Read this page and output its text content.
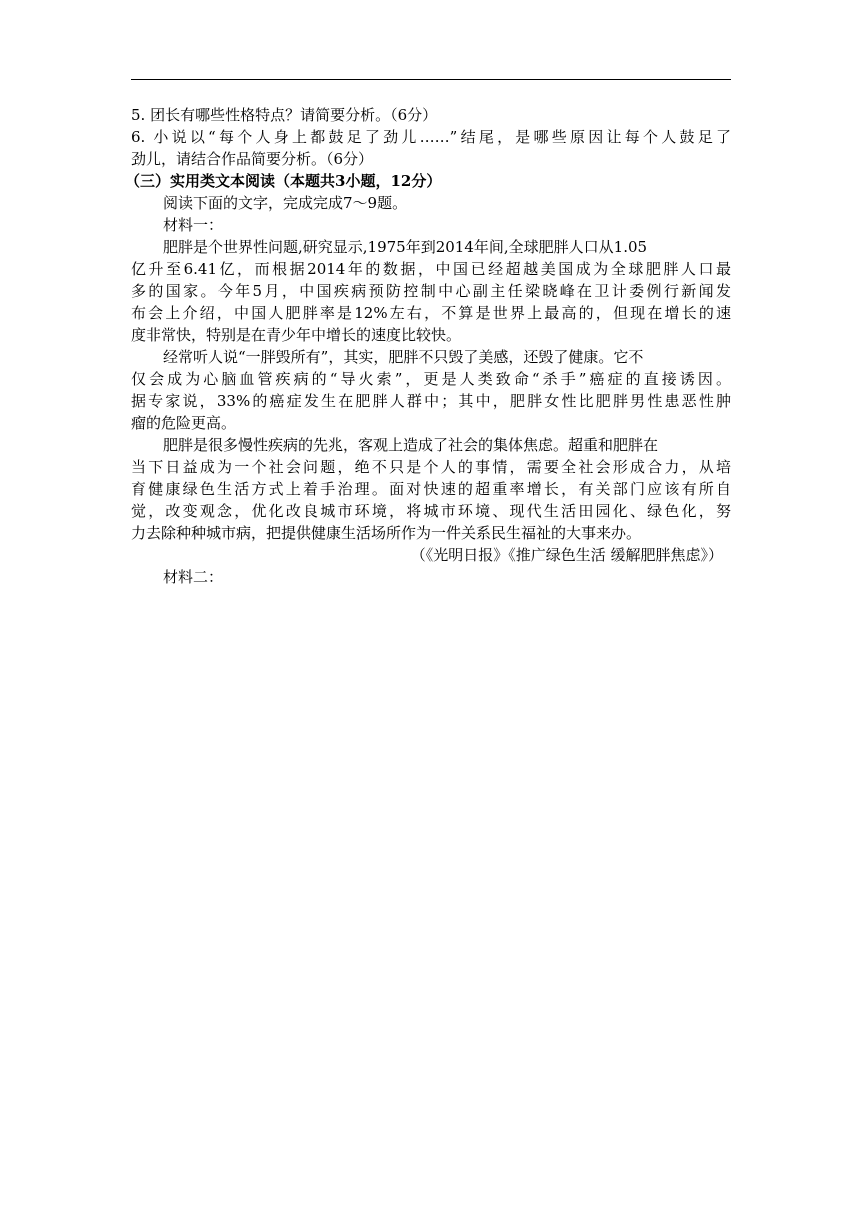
5. 团长有哪些性格特点？请简要分析。（6分）
6. 小说以“每个人身上都鼓足了劲儿……”结尾，是哪些原因让每个人鼓足了
劲儿，请结合作品简要分析。（6分）
（三）实用类文本阅读（本题共3小题，12分）
阅读下面的文字，完成完成7～9题。
材料一：
肥胖是个世界性问题,研究显示,1975年到2014年间,全球肥胖人口从1.05
亿升至6.41亿，而根据2014年的数据，中国已经超越美国成为全球肥胖人口最
多的国家。今年5月，中国疾病预防控制中心副主任梁晓峰在卫计委例行新闻发
布会上介绍，中国人肥胖率是12%左右，不算是世界上最高的，但现在增长的速
度非常快，特别是在青少年中增长的速度比较快。
经常听人说“一胖毁所有”，其实，肥胖不只毁了美感，还毁了健康。它不
仅会成为心脑血管疾病的“导火索”，更是人类致命“杀手”癌症的直接诱因。
据专家说，33%的癌症发生在肥胖人群中；其中，肥胖女性比肥胖男性患恶性肿
瘤的危险更高。
肥胖是很多慢性疾病的先兆，客观上造成了社会的集体焦虑。超重和肥胖在
当下日益成为一个社会问题，绝不只是个人的事情，需要全社会形成合力，从培
育健康绿色生活方式上着手治理。面对快速的超重率增长，有关部门应该有所自
觉，改变观念，优化改良城市环境，将城市环境、现代生活田园化、绿色化，努
力去除种种城市病，把提供健康生活场所作为一件关系民生福祉的大事来办。
（《光明日报》《推广绿色生活 缓解肥胖焦虑》）
材料二：
